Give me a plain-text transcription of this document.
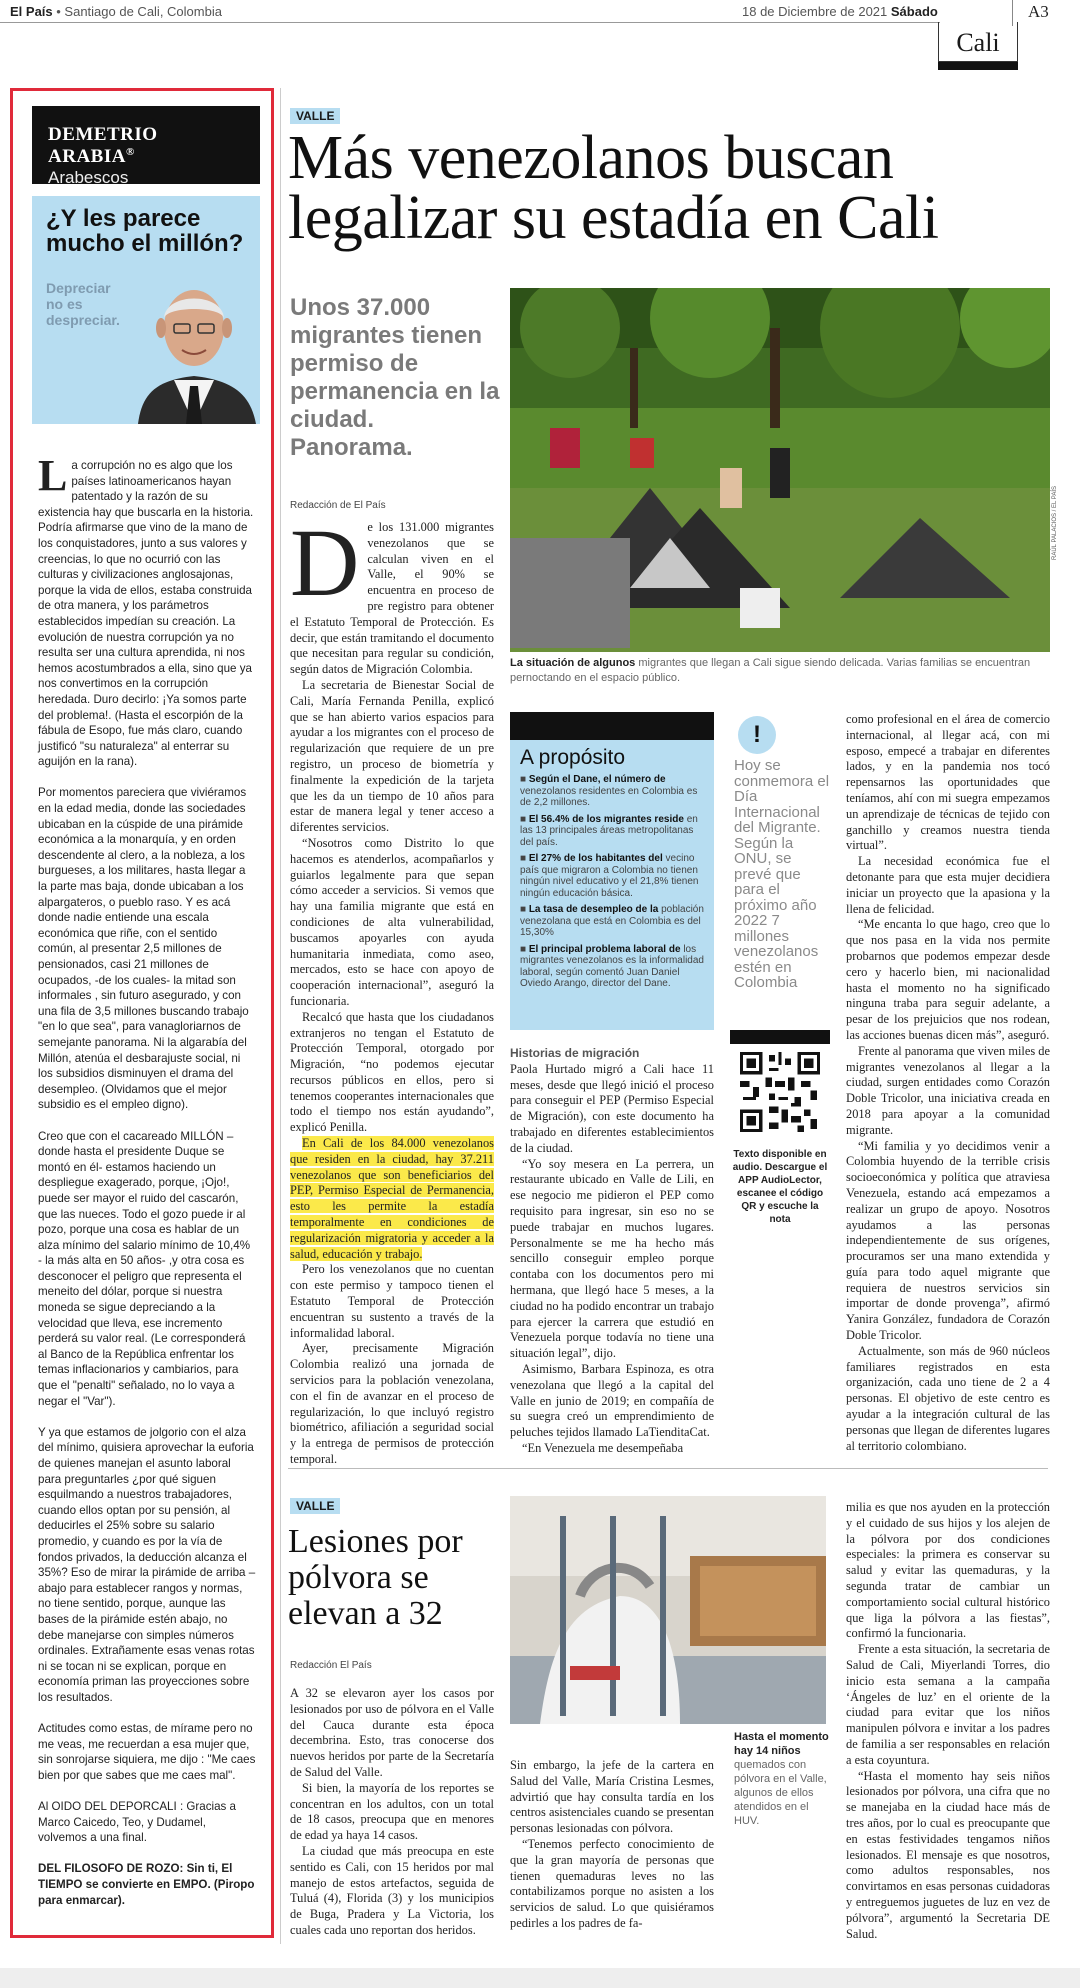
El País • Santiago de Cali, Colombia	18 de Diciembre de 2021 Sábado	A3
Cali
DEMETRIO ARABIA®
Arabescos
¿Y les parece mucho el millón?
Depreciar no es despreciar.

La corrupción no es algo que los países latinoamericanos hayan patentado y la razón de su existencia hay que buscarla en la historia. Podría afirmarse que vino de la mano de los conquistadores, junto a sus valores y creencias, lo que no ocurrió con las culturas y civilizaciones anglosajonas, porque la vida de ellos, estaba construida de otra manera, y los parámetros establecidos impedían su creación. La evolución de nuestra corrupción ya no resulta ser una cultura aprendida, ni nos hemos acostumbrados a ella, sino que ya nos convertimos en la corrupción heredada. Duro decirlo: ¡Ya somos parte del problema!. (Hasta el escorpión de la fábula de Esopo, fue más claro, cuando justificó "su naturaleza" al enterrar su aguijón en la rana).

Por momentos pareciera que viviéramos en la edad media, donde las sociedades ubicaban en la cúspide de una pirámide económica a la monarquía, y en orden descendente al clero, a la nobleza, a los burgueses, a los militares, hasta llegar a la parte mas baja, donde ubicaban a los alpargateros, o pueblo raso. Y es acá donde nadie entiende una escala económica que riñe, con el sentido común, al presentar 2,5 millones de pensionados, casi 21 millones de ocupados, -de los cuales- la mitad son informales , sin futuro asegurado, y con una fila de 3,5 millones buscando trabajo "en lo que sea", para vanagloriarnos de semejante panorama. Ni la algarabía del Millón, atenúa el desbarajuste social, ni los subsidios disminuyen el drama del desempleo. (Olvidamos que el mejor subsidio es el empleo digno).

Creo que con el cacareado MILLÓN –donde hasta el presidente Duque se montó en él- estamos haciendo un despliegue exagerado, porque, ¡Ojo!, puede ser mayor el ruido del cascarón, que las nueces. Todo el gozo puede ir al pozo, porque una cosa es hablar de un alza mínimo del salario mínimo de 10,4% - la más alta en 50 años- ,y otra cosa es desconocer el peligro que representa el meneito del dólar, porque si nuestra moneda se sigue depreciando a la velocidad que lleva, ese incremento perderá su valor real. (Le corresponderá al Banco de la República enfrentar los temas inflacionarios y cambiarios, para que el "penalti" señalado, no lo vaya a negar el "Var").

Y ya que estamos de jolgorio con el alza del mínimo, quisiera aprovechar la euforia de quienes manejan el asunto laboral para preguntarles ¿por qué siguen esquilmando a nuestros trabajadores, cuando ellos optan por su pensión, al deducirles el 25% sobre su salario promedio, y cuando es por la vía de fondos privados, la deducción alcanza el 35%? Eso de mirar la pirámide de arriba –abajo para establecer rangos y normas, no tiene sentido, porque, aunque las bases de la pirámide estén abajo, no debe manejarse con simples números ordinales. Extrañamente esas venas rotas ni se tocan ni se explican, porque en economía priman las proyecciones sobre los resultados.

Actitudes como estas, de mírame pero no me veas, me recuerdan a esa mujer que, sin sonrojarse siquiera, me dijo : "Me caes bien por que sabes que me caes mal".

Al OIDO DEL DEPORCALI : Gracias a Marco Caicedo, Teo, y Dudamel, volvemos a una final.

DEL FILOSOFO DE ROZO: Sin ti, El TIEMPO se convierte en EMPO. (Piropo para enmarcar).

VALLE
Más venezolanos buscan legalizar su estadía en Cali
Unos 37.000 migrantes tienen permiso de permanencia en la ciudad. Panorama.
Redacción de El País	RAÚL PALACIOS / EL PAÍS
La situación de algunos migrantes que llegan a Cali sigue siendo delicada. Varias familias se encuentran pernoctando en el espacio público.

De los 131.000 migrantes venezolanos que se calculan viven en el Valle, el 90% se encuentra en proceso de pre registro para obtener el Estatuto Temporal de Protección. Es decir, que están tramitando el documento que necesitan para regular su condición, según datos de Migración Colombia.

La secretaria de Bienestar Social de Cali, María Fernanda Penilla, explicó que se han abierto varios espacios para ayudar a los migrantes con el proceso de regularización que requiere de un pre registro, un proceso de biometría y finalmente la expedición de la tarjeta que les da un tiempo de 10 años para estar de manera legal y tener acceso a diferentes servicios.

“Nosotros como Distrito lo que hacemos es atenderlos, acompañarlos y guiarlos legalmente para que sepan cómo acceder a servicios. Si vemos que hay una familia migrante que está en condiciones de alta vulnerabilidad, buscamos apoyarles con ayuda humanitaria inmediata, como aseo, mercados, esto se hace con apoyo de cooperación internacional”, aseguró la funcionaria.

Recalcó que hasta que los ciudadanos extranjeros no tengan el Estatuto de Protección Temporal, otorgado por Migración, “no podemos ejecutar recursos públicos en ellos, pero si tenemos cooperantes internacionales que todo el tiempo nos están ayudando”, explicó Penilla.

En Cali de los 84.000 venezolanos que residen en la ciudad, hay 37.211 venezolanos que son beneficiarios del PEP, Permiso Especial de Permanencia, esto les permite la estadía temporalmente en condiciones de regularización migratoria y acceder a la salud, educación y trabajo.

Pero los venezolanos que no cuentan con este permiso y tampoco tienen el Estatuto Temporal de Protección encuentran su sustento a través de la informalidad laboral.

Ayer, precisamente Migración Colombia realizó una jornada de servicios para la población venezolana, con el fin de avanzar en el proceso de regularización, lo que incluyó registro biométrico, afiliación a seguridad social y la entrega de permisos de protección temporal.

A propósito
■ Según el Dane, el número de venezolanos residentes en Colombia es de 2,2 millones.
■ El 56.4% de los migrantes reside en las 13 principales áreas metropolitanas del país.
■ El 27% de los habitantes del vecino país que migraron a Colombia no tienen ningún nivel educativo y el 21,8% tienen ningún educación básica.
■ La tasa de desempleo de la población venezolana que está en Colombia es del 15,30%
■ El principal problema laboral de los migrantes venezolanos es la informalidad laboral, según comentó Juan Daniel Oviedo Arango, director del Dane.

Historias de migración

Paola Hurtado migró a Cali hace 11 meses, desde que llegó inició el proceso para conseguir el PEP (Permiso Especial de Migración), con este documento ha trabajado en diferentes establecimientos de la ciudad.

“Yo soy mesera en La perrera, un restaurante ubicado en Valle de Lili, en ese negocio me pidieron el PEP como requisito para ingresar, sin eso no se puede trabajar en muchos lugares. Personalmente se me ha hecho más sencillo conseguir empleo porque contaba con los documentos pero mi hermana, que llegó hace 5 meses, a la ciudad no ha podido encontrar un trabajo para ejercer la carrera que estudió en Venezuela porque todavía no tiene una situación legal”, dijo.

Asimismo, Barbara Espinoza, es otra venezolana que llegó a la capital del Valle en junio de 2019; en compañía de su suegra creó un emprendimiento de peluches tejidos llamado LaTienditaCat.

“En Venezuela me desempeñaba

!
Hoy se conmemora el Día Internacional del Migrante. Según la ONU, se prevé que para el próximo año 2022 7 millones venezolanos estén en Colombia
Texto disponible en audio. Descargue el APP AudioLector, escanee el código QR y escuche la nota

como profesional en el área de comercio internacional, al llegar acá, con mi esposo, empecé a trabajar en diferentes lados, y en la pandemia nos tocó repensarnos las oportunidades que teníamos, ahí con mi suegra empezamos un aprendizaje de técnicas de tejido con ganchillo y creamos nuestra tienda virtual”.

La necesidad económica fue el detonante para que esta mujer decidiera iniciar un proyecto que la apasiona y la llena de felicidad.

“Me encanta lo que hago, creo que lo que nos pasa en la vida nos permite probarnos que podemos empezar desde cero y hacerlo bien, mi nacionalidad hasta el momento no ha significado ninguna traba para seguir adelante, a pesar de los prejuicios que nos rodean, las acciones buenas dicen más”, aseguró.

Frente al panorama que viven miles de migrantes venezolanos al llegar a la ciudad, surgen entidades como Corazón Doble Tricolor, una iniciativa creada en 2018 para apoyar a la comunidad migrante.

“Mi familia y yo decidimos venir a Colombia huyendo de la terrible crisis socioeconómica y política que atraviesa Venezuela, estando acá empezamos a realizar un grupo de apoyo. Nosotros ayudamos a las personas independientemente de sus orígenes, procuramos ser una mano extendida y guía para todo aquel migrante que requiera de nuestros servicios sin importar de donde provenga”, afirmó Yanira González, fundadora de Corazón Doble Tricolor.

Actualmente, son más de 960 núcleos familiares registrados en esta organización, cada uno tiene de 2 a 4 personas. El objetivo de este centro es ayudar a la integración cultural de las personas que llegan de diferentes lugares al territorio colombiano.

VALLE
Lesiones por pólvora se elevan a 32
Redacción El País
Hasta el momento hay 14 niños quemados con pólvora en el Valle, algunos de ellos atendidos en el HUV.

A 32 se elevaron ayer los casos por lesionados por uso de pólvora en el Valle del Cauca durante esta época decembrina. Esto, tras conocerse dos nuevos heridos por parte de la Secretaría de Salud del Valle.

Si bien, la mayoría de los reportes se concentran en los adultos, con un total de 18 casos, preocupa que en menores de edad ya haya 14 casos.

La ciudad que más preocupa en este sentido es Cali, con 15 heridos por mal manejo de estos artefactos, seguida de Tuluá (4), Florida (3) y los municipios de Buga, Pradera y La Victoria, los cuales cada uno reportan dos heridos.

Sin embargo, la jefe de la cartera en Salud del Valle, María Cristina Lesmes, advirtió que hay consulta tardía en los centros asistenciales cuando se presentan personas lesionadas con pólvora.

“Tenemos perfecto conocimiento de que la gran mayoría de personas que tienen quemaduras leves no las contabilizamos porque no asisten a los servicios de salud. Lo que quisiéramos pedirles a los padres de fa-

milia es que nos ayuden en la protección y el cuidado de sus hijos y los alejen de la pólvora por dos condiciones especiales: la primera es conservar su salud y evitar las quemaduras, y la segunda tratar de cambiar un comportamiento social cultural histórico que liga la pólvora a las fiestas”, confirmó la funcionaria.

Frente a esta situación, la secretaria de Salud de Cali, Miyerlandi Torres, dio inicio esta semana a la campaña ‘Ángeles de luz’ en el oriente de la ciudad para evitar que los niños manipulen pólvora e invitar a los padres de familia a ser responsables en relación a esta coyuntura.

“Hasta el momento hay seis niños lesionados por pólvora, una cifra que no se manejaba en la ciudad hace más de tres años, por lo cual es preocupante que en estas festividades tengamos niños lesionados. El mensaje es que nosotros, como adultos responsables, nos convirtamos en esas personas cuidadoras y entreguemos juguetes de luz en vez de pólvora”, argumentó la Secretaria DE Salud.
